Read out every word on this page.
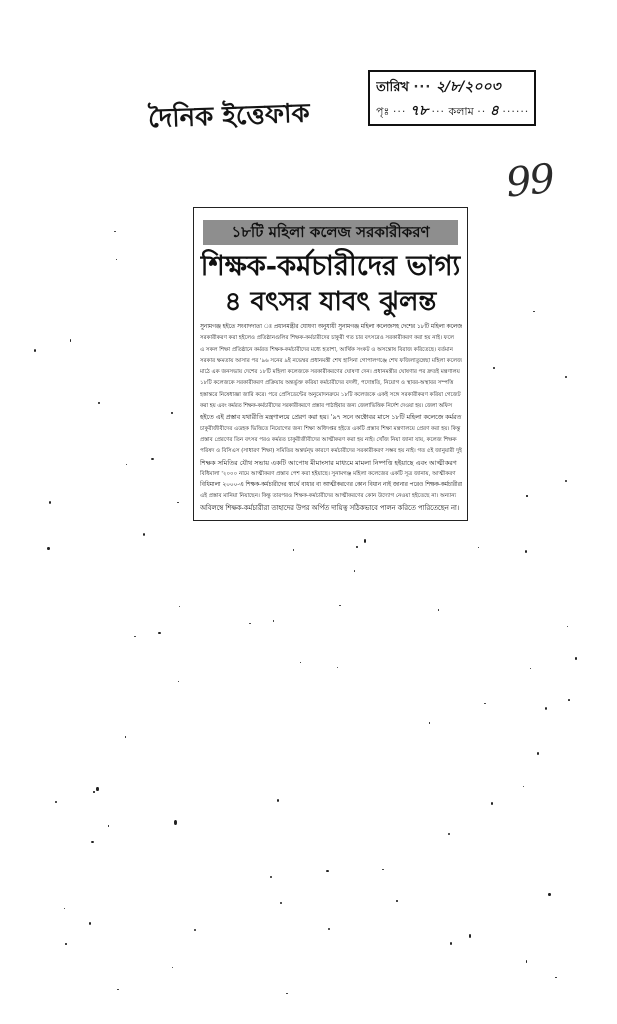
দৈনিক ইত্তেফাক
তারিখ ··· ২/৮/২০০৩
পৃঃ ··· ৭৮ ··· কলাম ·· ৪ ······
99
১৮টি মহিলা কলেজ সরকারীকরণ
শিক্ষক-কর্মচারীদের ভাগ্য
৪ বৎসর যাবৎ ঝুলন্ত
সুনামগঞ্জ হইতে সংবাদদাতা ঃ প্রধানমন্ত্রীর ঘোষণা অনুযায়ী সুনামগঞ্জ মহিলা কলেজসহ দেশের ১৮টি মহিলা কলেজ
সরকারীকরণ করা হইলেও প্রতিষ্ঠানগুলির শিক্ষক-কর্মচারীদের চাকুরী গত চার বৎসরেও সরকারীকরণ করা হয় নাই। ফলে
এ সকল শিক্ষা প্রতিষ্ঠানে কর্মরত শিক্ষক-কর্মচারীদের মধ্যে হতাশা, আর্থিক সংকট ও অসন্তোষ বিরাজ করিতেছে। বর্তমান
সরকার ক্ষমতায় আসার পর '৯৬ সনের ৯ই নভেম্বর প্রধানমন্ত্রী শেখ হাসিনা গোপালগঞ্জে শেখ ফজিলাতুন্নেছা মহিলা কলেজ
মাঠে এক জনসভায় দেশের ১৮টি মহিলা কলেজকে সরকারীকরণের ঘোষণা দেন। প্রধানমন্ত্রীর ঘোষণার পর দ্রুতই মন্ত্রণালয়
১৮টি কলেজকে সরকারীকরণ প্রক্রিয়ায় অন্তর্ভুক্ত করিয়া কর্মচারীদের বদলী, পদোন্নতি, নিয়োগ ও স্থাবর-অস্থাবর সম্পত্তি
হস্তান্তরে নিষেধাজ্ঞা জারি করে। পরে প্রেসিডেন্টের অনুমোদনক্রমে ১৮টি কলেজকে একই সঙ্গে সরকারীকরণ করিয়া গেজেট
করা হয় এবং কর্মরত শিক্ষক-কর্মচারীদের সরকারীকরণে প্রস্তাব পাঠাইবার জন্য জেলাভিত্তিক নির্দেশ দেওয়া হয়। জেলা অফিস
হইতে এই প্রস্তাব যথারীতি মন্ত্রণালয়ে প্রেরণ করা হয়। '৯৭ সনে অক্টোবর মাসে ১৮টি মহিলা কলেজে কর্মরত
চাকুরীজীবীদের এডহক ভিত্তিতে নিয়োগের জন্য শিক্ষা অধিদপ্তর হইতে একটি প্রস্তাব শিক্ষা মন্ত্রণালয়ে প্রেরণ করা হয়। কিন্তু
প্রস্তাব প্রেরণের তিন বৎসর পরও কর্মরত চাকুরীজীবীদের আত্মীকরণ করা হয় নাই। খোঁজ নিয়া জানা যায়, কলেজ শিক্ষক
পরিষদ ও বিসিএস (সাধারণ শিক্ষা) সমিতির অন্তর্দ্বন্দ্ব কারণে কর্মচারীদের সরকারীকরণ সম্ভব হয় নাই। গত ৫ই জানুয়ারী দুই
শিক্ষক সমিতির যৌথ সভায় একটি আপোষ মীমাংসার মাধ্যমে মামলা নিষ্পত্তি হইয়াছে এবং আত্মীকরণ
বিধিমালা '২০০০ নামে আত্মীকরণ প্রস্তাব পেশ করা হইয়াছে। সুনামগঞ্জ মহিলা কলেজের একটি সূত্র জানায়, আত্মীকরণ
বিধিমালা ২০০০-এ শিক্ষক-কর্মচারীদের স্বার্থে বাধার বা আত্মীকরণের কোন বিধান নাই জানার পরেও শিক্ষক-কর্মচারীরা
এই প্রস্তাব মানিয়া নিয়াছেন। কিন্তু তারপরও শিক্ষক-কর্মচারীদের আত্মীকরণের কোন উদ্যোগ নেওয়া হইতেছে না। অন্যান্য
অবিলম্বে শিক্ষক-কর্মচারীরা তাহাদের উপর অর্পিত দায়িত্ব সঠিকভাবে পালন করিতে পারিতেছেন না।
